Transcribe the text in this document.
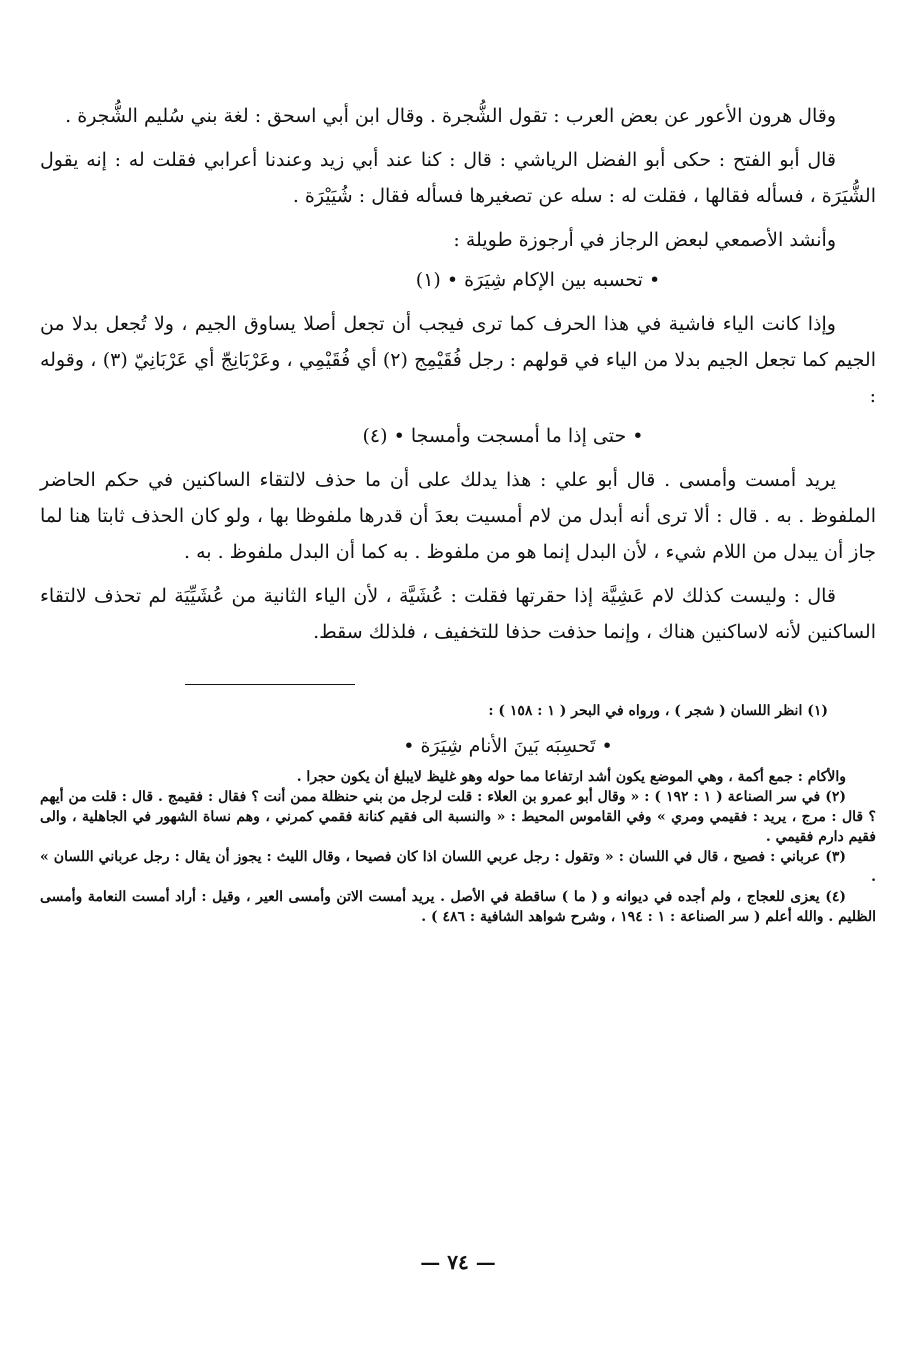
وقال هرون الأعور عن بعض العرب : تقول الشُّجرة . وقال ابن أبي اسحق : لغة بني سُليم الشُّجرة .

قال أبو الفتح : حكى أبو الفضل الرياشي : قال : كنا عند أبي زيد وعندنا أعرابي فقلت له : إنه يقول الشُّيَرَة ، فسأله فقالها ، فقلت له : سله عن تصغيرها فسأله فقال : شُيَيْرَة .

وأنشد الأصمعي لبعض الرجاز في أرجوزة طويلة :

• تحسبه بين الإكام شِيَرَة • (١)

وإذا كانت الياء فاشية في هذا الحرف كما ترى فيجب أن تجعل أصلا يساوق الجيم ، ولا تُجعل بدلا من الجيم كما تجعل الجيم بدلا من الياء في قولهم : رجل فُقَيْمِج (٢) أي فُقَيْمِي ، وعَرْبَانِجّ أي عَرْبَانِيّ (٣) ، وقوله :

• حتى إذا ما أمسجت وأمسجا • (٤)

يريد أمست وأمسى . قال أبو علي : هذا يدلك على أن ما حذف لالتقاء الساكنين في حكم الحاضر الملفوظ . به . قال : ألا ترى أنه أبدل من لام أمسيت بعدَ أن قدرها ملفوظا بها ، ولو كان الحذف ثابتا هنا لما جاز أن يبدل من اللام شيء ، لأن البدل إنما هو من ملفوظ . به كما أن البدل ملفوظ . به .

قال : وليست كذلك لام عَشِيَّة إذا حقرتها فقلت : عُشَيَّة ، لأن الياء الثانية من عُشَيِّيَة لم تحذف لالتقاء الساكنين لأنه لاساكنين هناك ، وإنما حذفت حذفا للتخفيف ، فلذلك سقط.

(١) انظر اللسان ( شجر ) ، ورواه في البحر ( ١ : ١٥٨ ) :

• تَحسِبَه بَينَ الأنام شِيَرَة •

والأكام : جمع أكمة ، وهي الموضع يكون أشد ارتفاعا مما حوله وهو غليظ لايبلغ أن يكون حجرا .

(٢) في سر الصناعة ( ١ : ١٩٢ ) : « وقال أبو عمرو بن العلاء : قلت لرجل من بني حنظلة ممن أنت ؟ فقال : فقيمج . قال : قلت من أيهم ؟ قال : مرج ، يريد : فقيمي ومري » وفي القاموس المحيط : « والنسبة الى فقيم كنانة فقمي كمرني ، وهم نساة الشهور في الجاهلية ، والى فقيم دارم فقيمي .

(٣) عرباني : فصيح ، قال في اللسان : « وتقول : رجل عربي اللسان اذا كان فصيحا ، وقال الليث : يجوز أن يقال : رجل عرباني اللسان » .

(٤) يعزى للعجاج ، ولم أجده في ديوانه و ( ما ) ساقطة في الأصل . يريد أمست الاتن وأمسى العير ، وقيل : أراد أمست النعامة وأمسى الظليم . والله أعلم ( سر الصناعة : ١ : ١٩٤ ، وشرح شواهد الشافية : ٤٨٦ ) .

— ٧٤ —
